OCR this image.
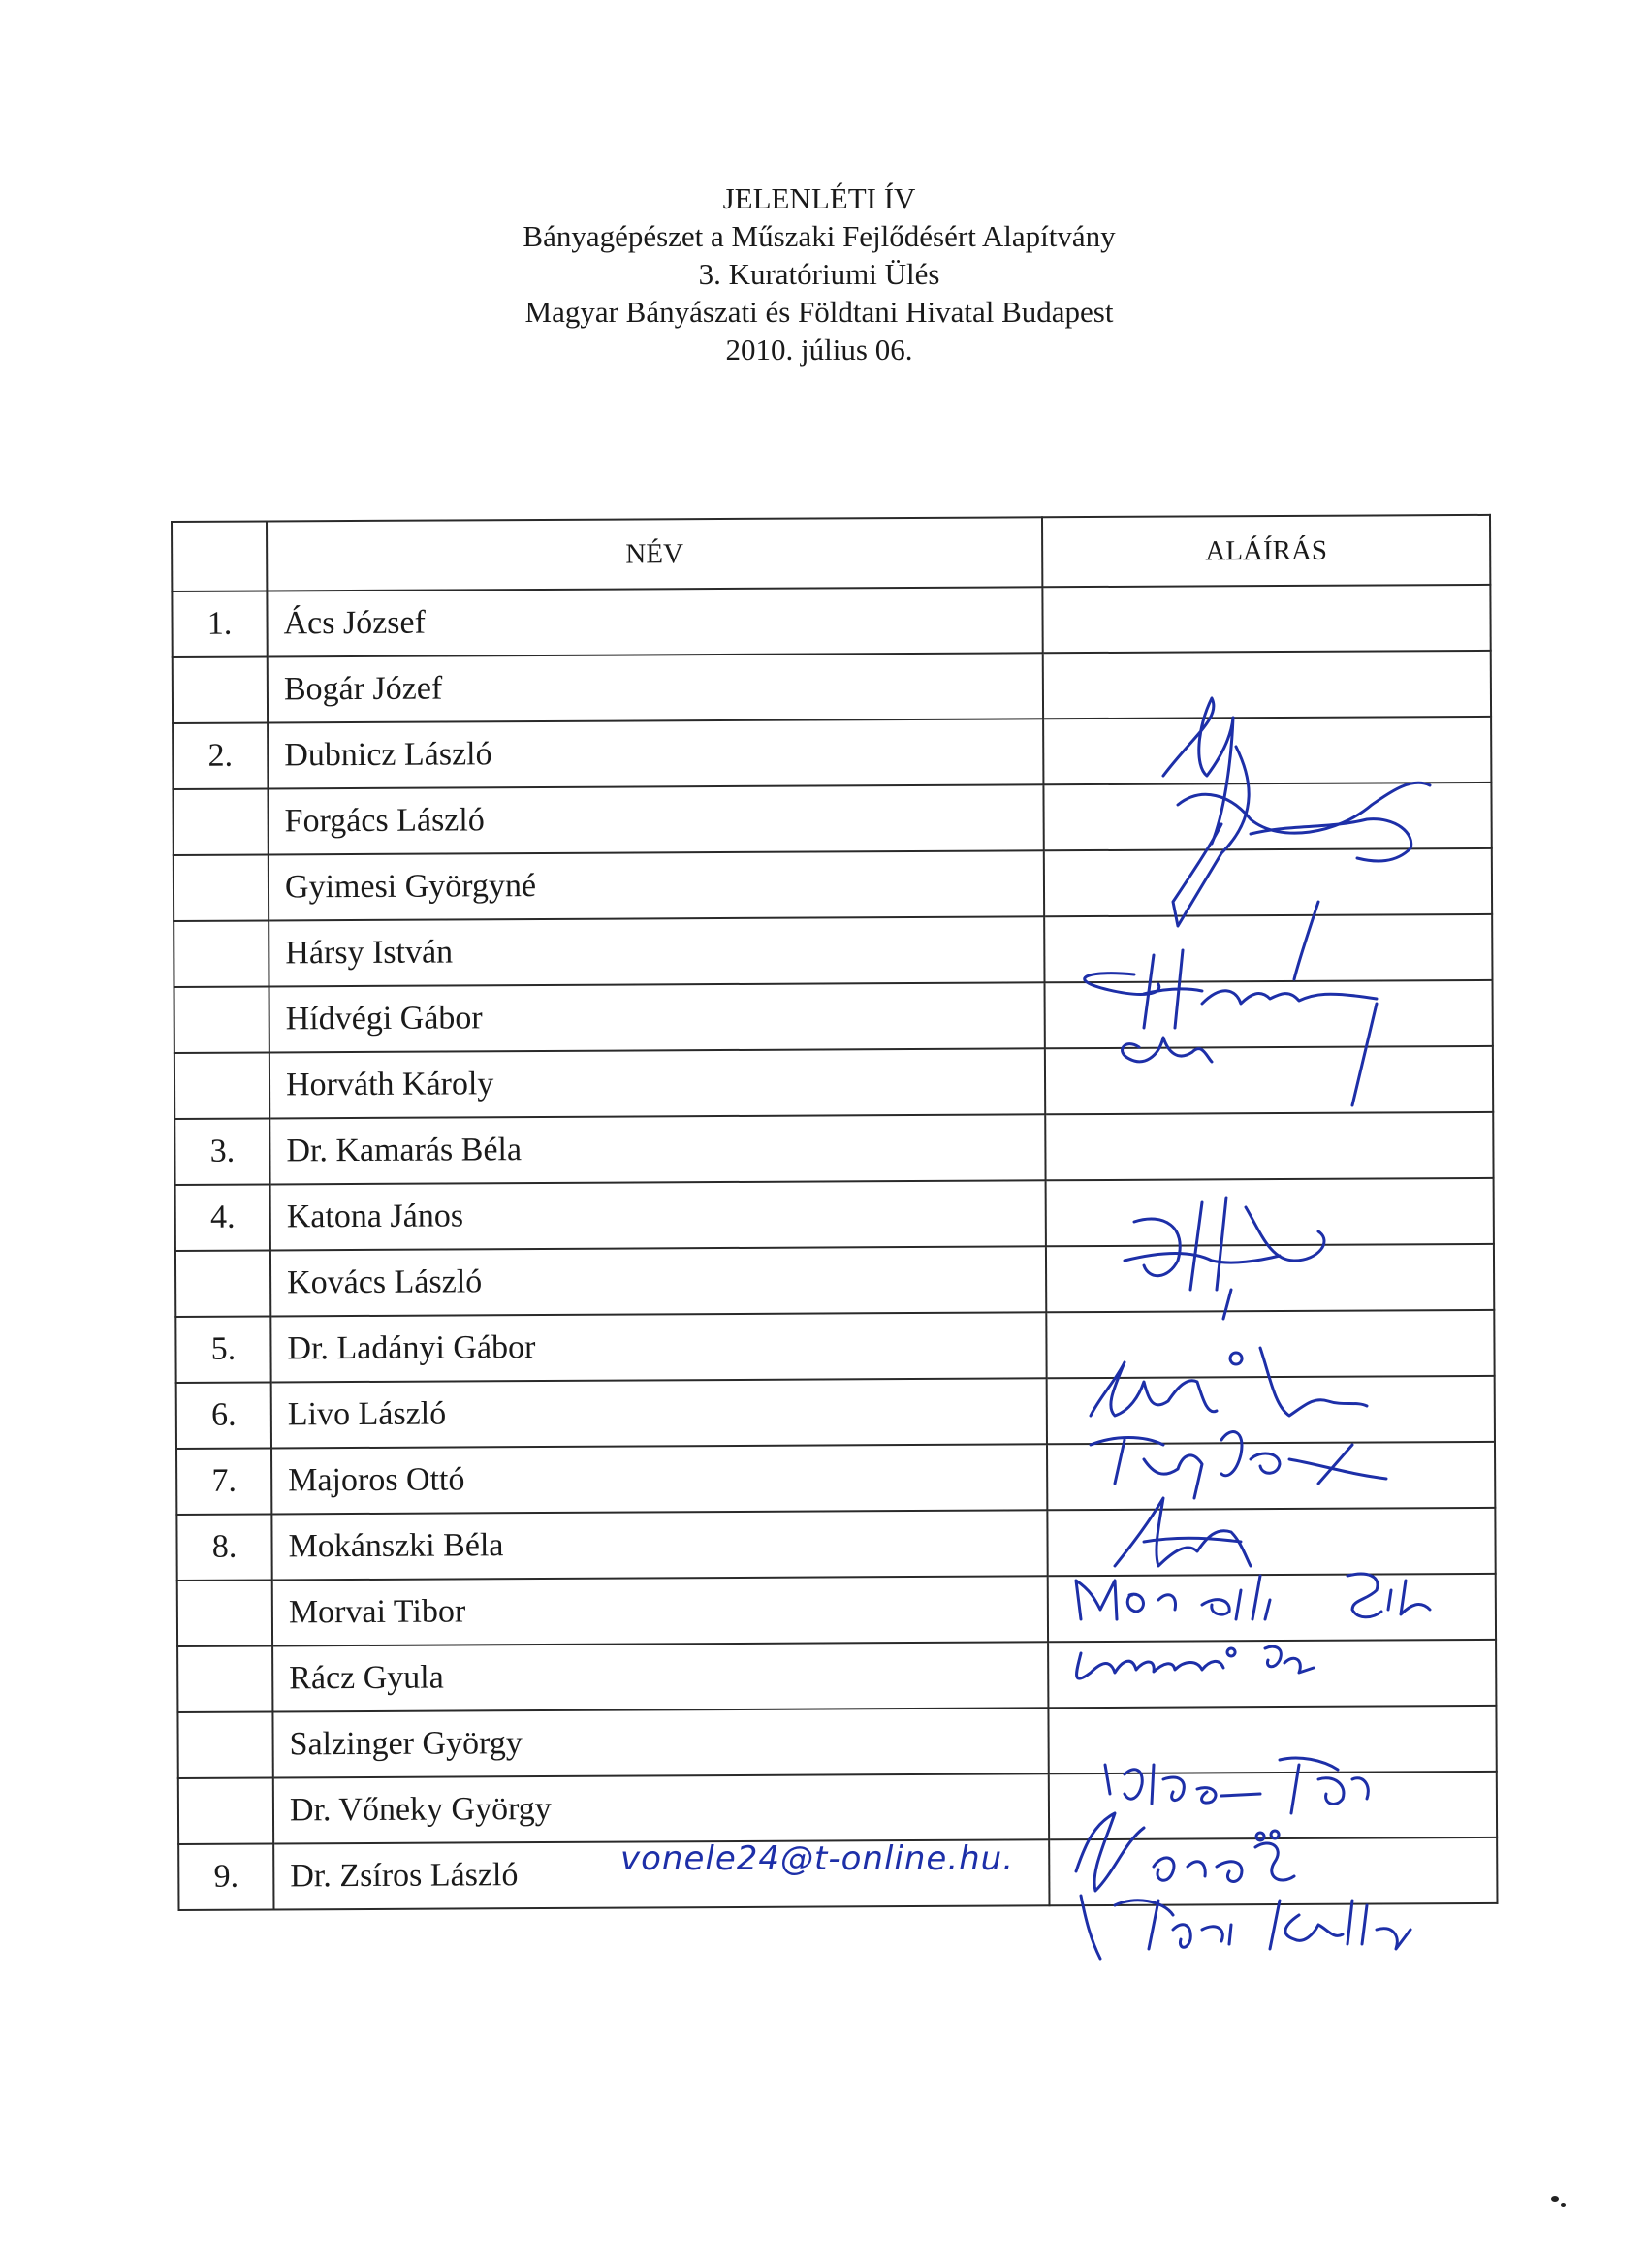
JELENLÉTI ÍV
Bányagépészet a Műszaki Fejlődésért Alapítvány
3. Kuratóriumi Ülés
Magyar Bányászati és Földtani Hivatal Budapest
2010. július 06.
	NÉV	ALÁÍRÁS
1.	Ács József	
	Bogár Józef	
2.	Dubnicz László	
	Forgács László	
	Gyimesi Györgyné	
	Hársy István	
	Hídvégi Gábor	
	Horváth Károly	
3.	Dr. Kamarás Béla	
4.	Katona János	
	Kovács László	
5.	Dr. Ladányi Gábor	
6.	Livo László	
7.	Majoros Ottó	
8.	Mokánszki Béla	
	Morvai Tibor	
	Rácz Gyula	
	Salzinger György	
	Dr. Vőneky György	
9.	Dr. Zsíros László		vonele24@t-online.hu.
